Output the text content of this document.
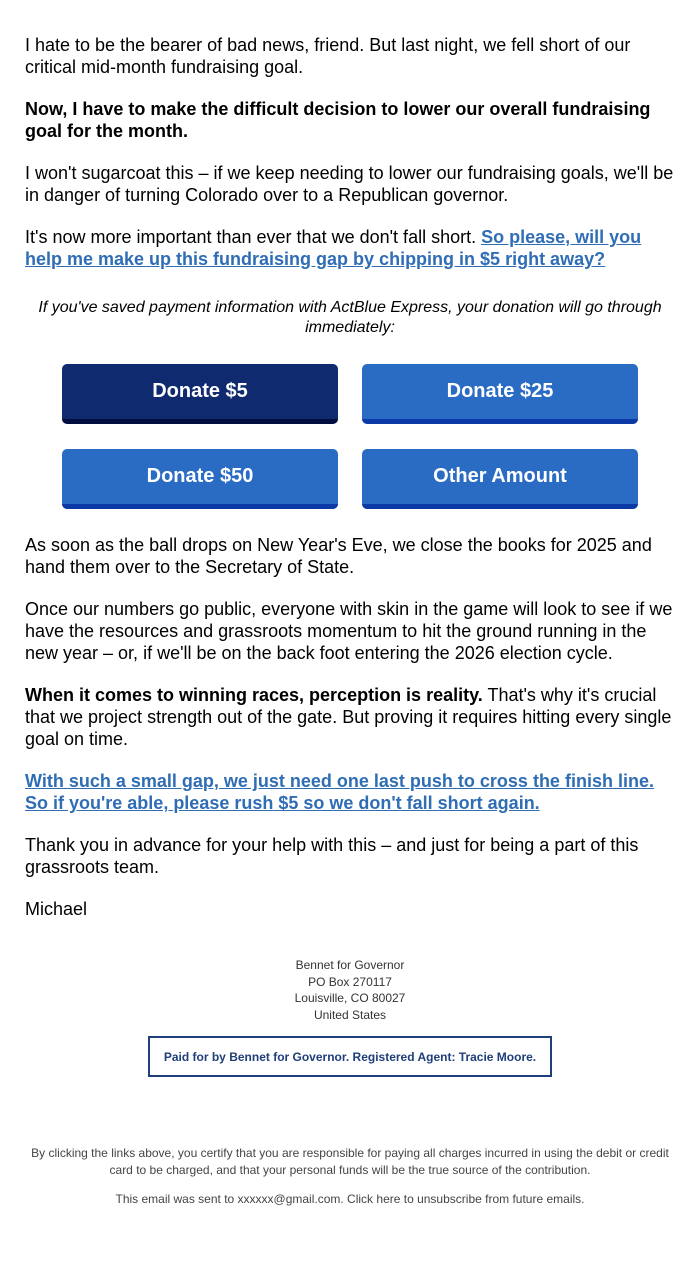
I hate to be the bearer of bad news, friend. But last night, we fell short of our critical mid-month fundraising goal.

Now, I have to make the difficult decision to lower our overall fundraising goal for the month.

I won't sugarcoat this – if we keep needing to lower our fundraising goals, we'll be in danger of turning Colorado over to a Republican governor.

It's now more important than ever that we don't fall short. So please, will you help me make up this fundraising gap by chipping in $5 right away?

If you've saved payment information with ActBlue Express, your donation will go through immediately:
Donate $5	Donate $25
Donate $50	Other Amount

As soon as the ball drops on New Year's Eve, we close the books for 2025 and hand them over to the Secretary of State.

Once our numbers go public, everyone with skin in the game will look to see if we have the resources and grassroots momentum to hit the ground running in the new year – or, if we'll be on the back foot entering the 2026 election cycle.

When it comes to winning races, perception is reality. That's why it's crucial that we project strength out of the gate. But proving it requires hitting every single goal on time.

With such a small gap, we just need one last push to cross the finish line. So if you're able, please rush $5 so we don't fall short again.

Thank you in advance for your help with this – and just for being a part of this grassroots team.

Michael

Bennet for Governor
PO Box 270117
Louisville, CO 80027
United States
Paid for by Bennet for Governor. Registered Agent: Tracie Moore.
By clicking the links above, you certify that you are responsible for paying all charges incurred in using the debit or credit card to be charged, and that your personal funds will be the true source of the contribution.
This email was sent to xxxxxx@gmail.com. Click here to unsubscribe from future emails.
